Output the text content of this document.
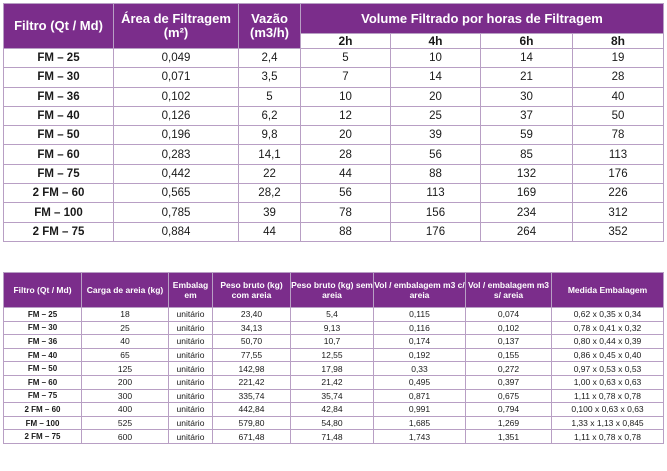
Filtro (Qt / Md)	Área de Filtragem (m²)	Vazão (m3/h)	Volume Filtrado por horas de Filtragem			
			2h	4h	6h	8h
FM – 25	0,049	2,4	5	10	14	19
FM – 30	0,071	3,5	7	14	21	28
FM – 36	0,102	5	10	20	30	40
FM – 40	0,126	6,2	12	25	37	50
FM – 50	0,196	9,8	20	39	59	78
FM – 60	0,283	14,1	28	56	85	113
FM – 75	0,442	22	44	88	132	176
2 FM – 60	0,565	28,2	56	113	169	226
FM – 100	0,785	39	78	156	234	312
2 FM – 75	0,884	44	88	176	264	352
Filtro (Qt / Md)	Carga de areia (kg)	Embalag em	Peso bruto (kg) com areia	Peso bruto (kg) sem areia	Vol / embalagem m3 c/ areia	Vol / embalagem m3 s/ areia	Medida Embalagem
FM – 25	18	unitário	23,40	5,4	0,115	0,074	0,62 x 0,35 x 0,34
FM – 30	25	unitário	34,13	9,13	0,116	0,102	0,78 x 0,41 x 0,32
FM – 36	40	unitário	50,70	10,7	0,174	0,137	0,80 x 0,44 x 0,39
FM – 40	65	unitário	77,55	12,55	0,192	0,155	0,86 x 0,45 x 0,40
FM – 50	125	unitário	142,98	17,98	0,33	0,272	0,97 x 0,53 x 0,53
FM – 60	200	unitário	221,42	21,42	0,495	0,397	1,00 x 0,63 x 0,63
FM – 75	300	unitário	335,74	35,74	0,871	0,675	1,11 x 0,78 x 0,78
2 FM – 60	400	unitário	442,84	42,84	0,991	0,794	0,100 x 0,63 x 0,63
FM – 100	525	unitário	579,80	54,80	1,685	1,269	1,33 x 1,13 x 0,845
2 FM – 75	600	unitário	671,48	71,48	1,743	1,351	1,11 x 0,78 x 0,78
